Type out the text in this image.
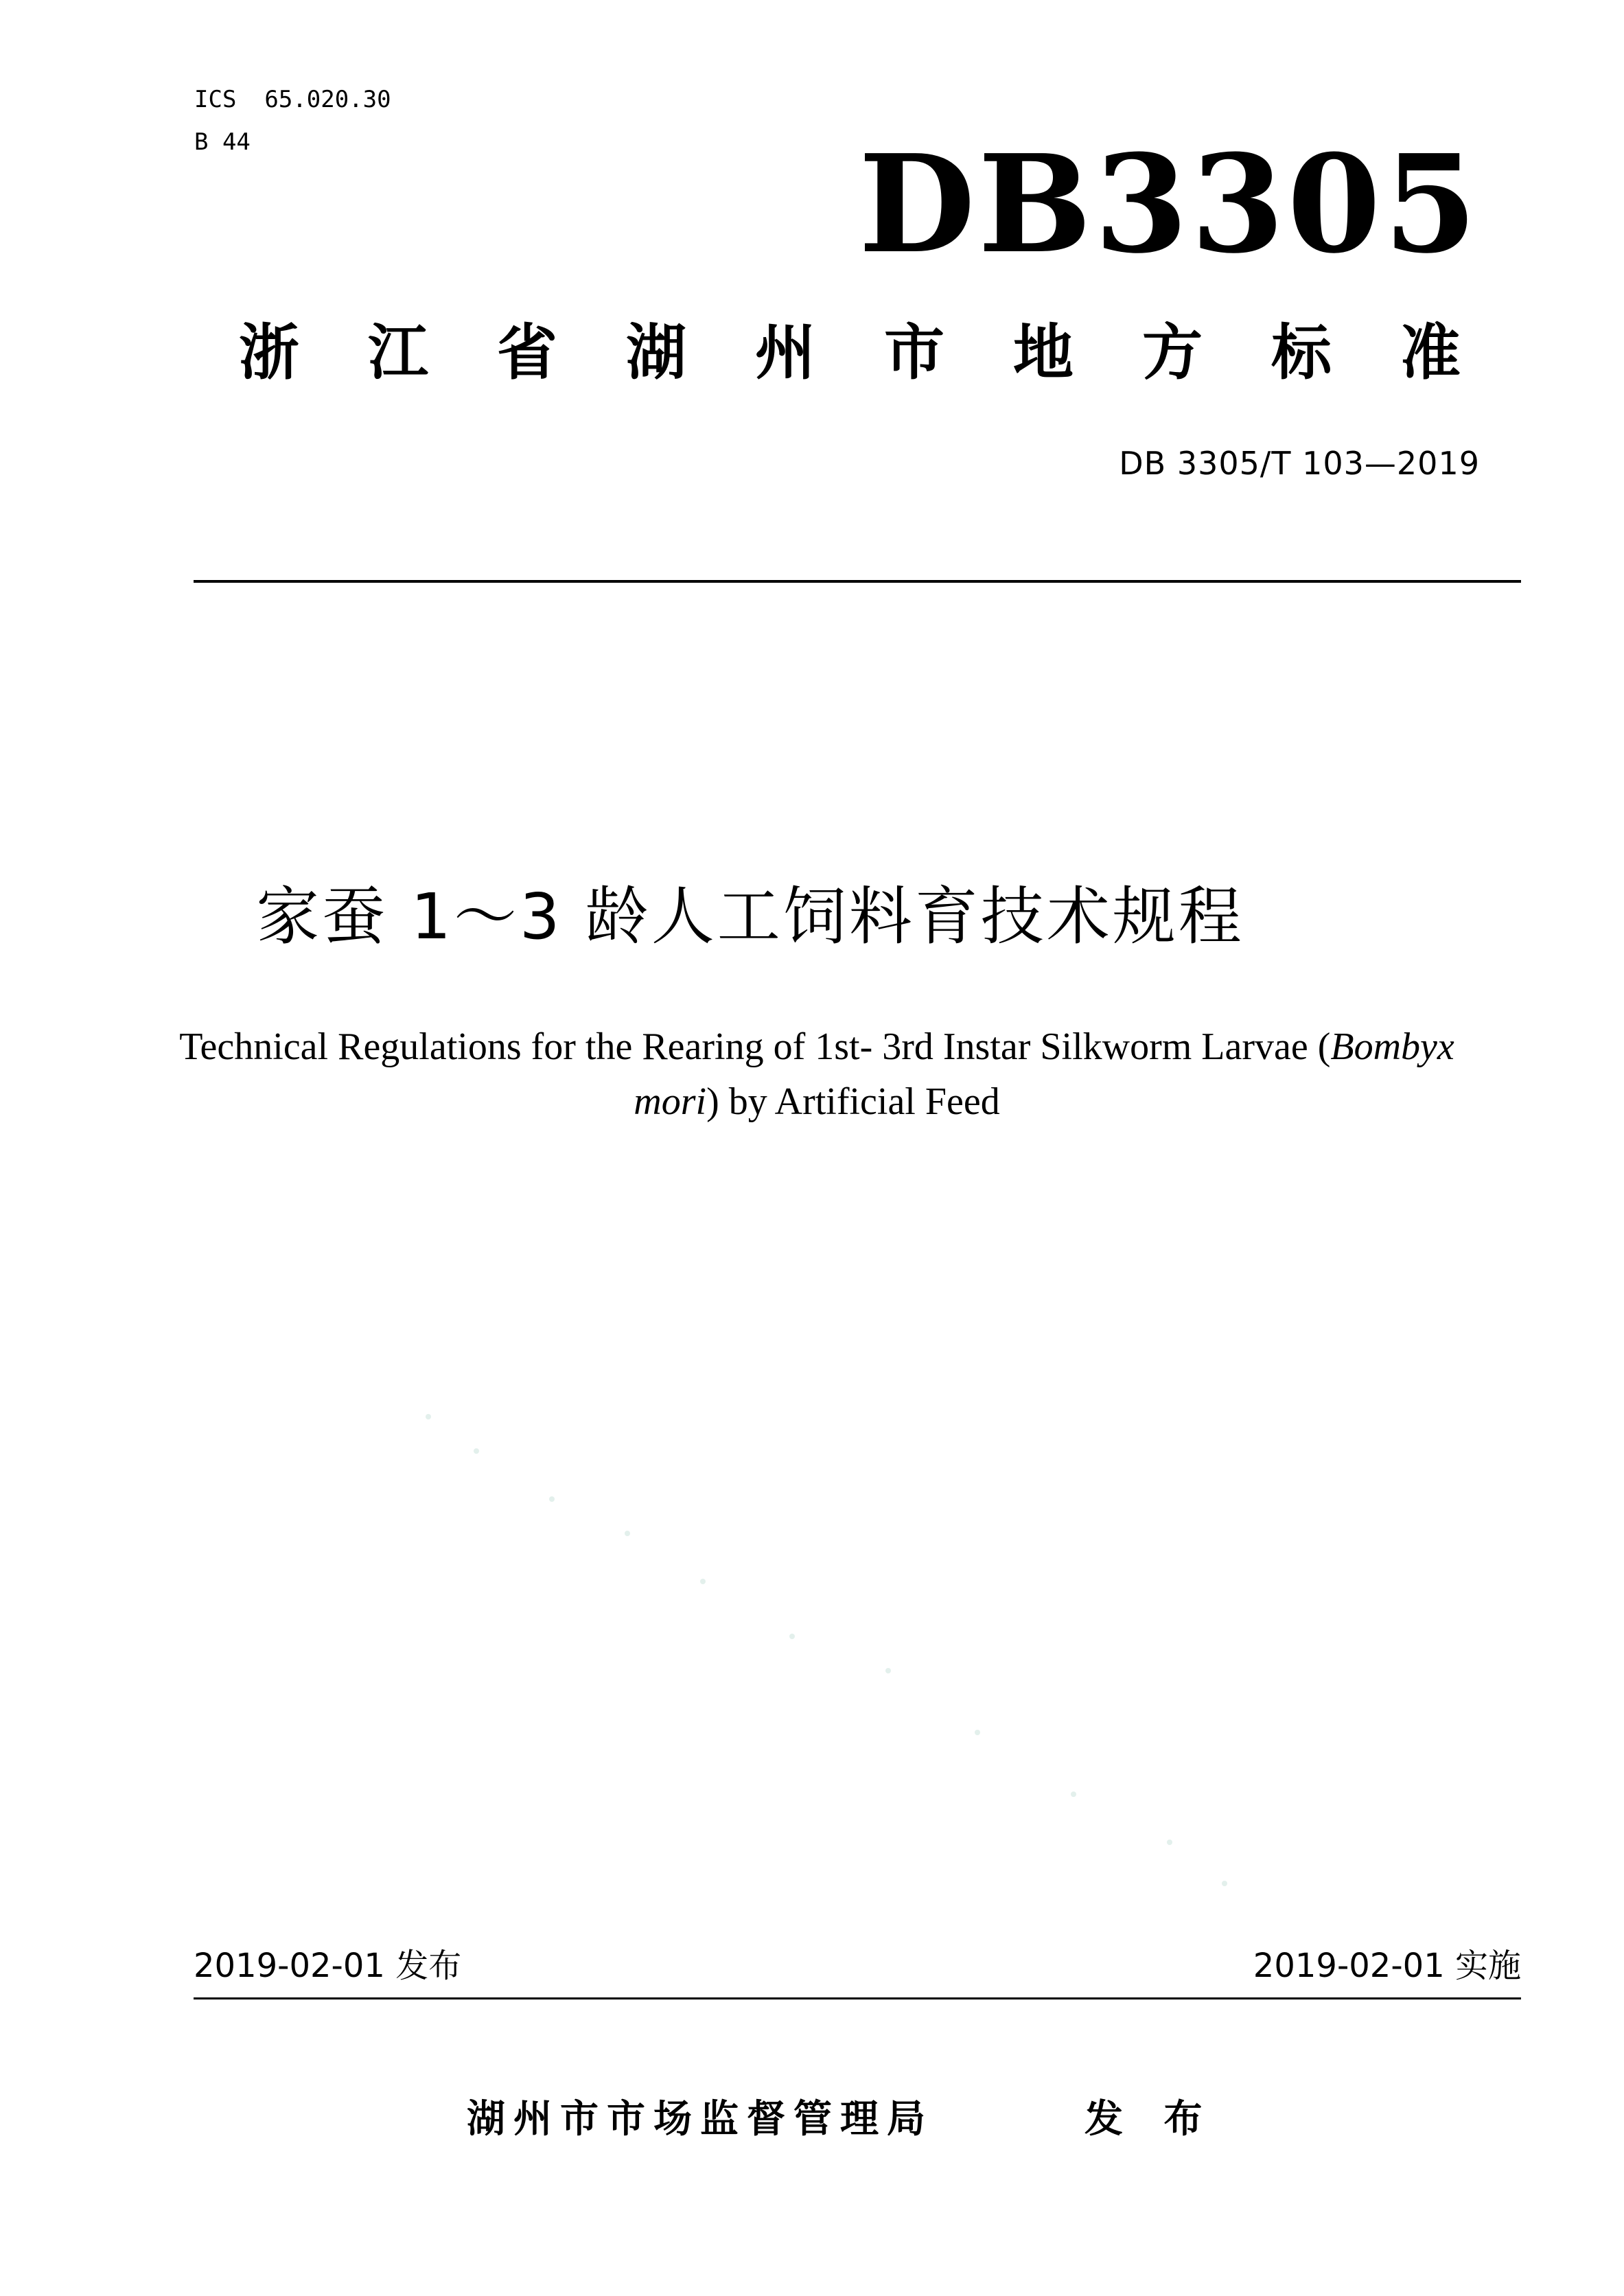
ICS  65.020.30
B 44	DB3305
浙江省湖州市地方标准
DB 3305/T 103—2019
家蚕 1～3 龄人工饲料育技术规程
Technical Regulations for the Rearing of 1st- 3rd Instar Silkworm Larvae (Bombyx
mori) by Artificial Feed
2019-02-01 发布	2019-02-01 实施
湖州市市场监督管理局	发 布
